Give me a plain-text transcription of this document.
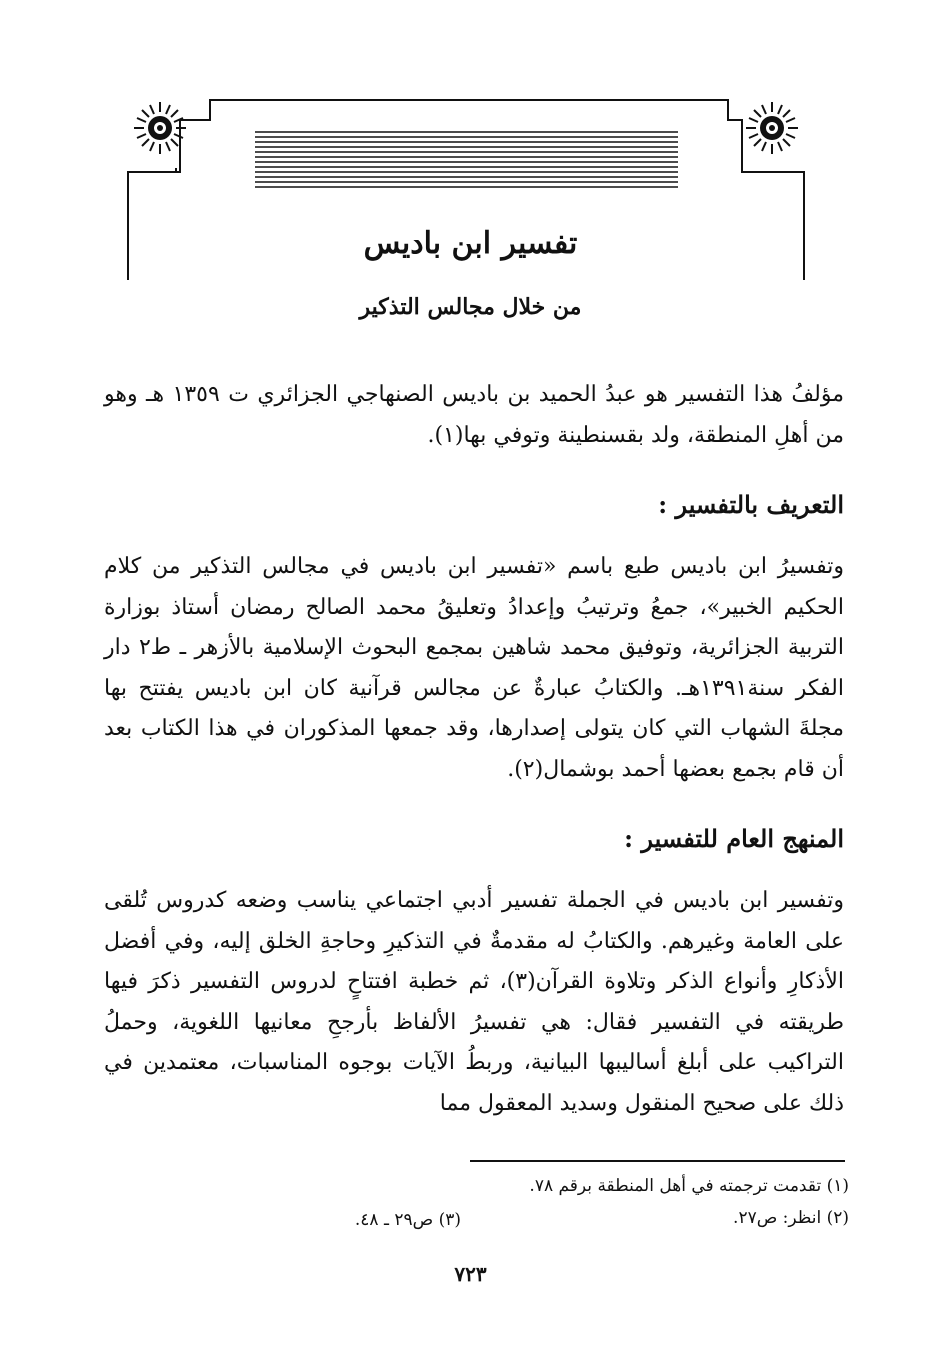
تفسير ابن باديس
من خلال مجالس التذكير
مؤلفُ هذا التفسير هو عبدُ الحميد بن باديس الصنهاجي الجزائري ت ١٣٥٩ هـ وهو من أهلِ المنطقة، ولد بقسنطينة وتوفي بها(١).
التعريف بالتفسير :
وتفسيرُ ابن باديس طبع باسم «تفسير ابن باديس في مجالس التذكير من كلام الحكيم الخبير»، جمعُ وترتيبُ وإعدادُ وتعليقُ محمد الصالح رمضان أستاذ بوزارة التربية الجزائرية، وتوفيق محمد شاهين بمجمع البحوث الإسلامية بالأزهر ـ ط٢ دار الفكر سنة١٣٩١هـ. والكتابُ عبارةٌ عن مجالس قرآنية كان ابن باديس يفتتح بها مجلةَ الشهاب التي كان يتولى إصدارها، وقد جمعها المذكوران في هذا الكتاب بعد أن قام بجمع بعضها أحمد بوشمال(٢).
المنهج العام للتفسير :
وتفسير ابن باديس في الجملة تفسير أدبي اجتماعي يناسب وضعه كدروس تُلقى على العامة وغيرهم. والكتابُ له مقدمةٌ في التذكيرِ وحاجةِ الخلق إليه، وفي أفضل الأذكارِ وأنواع الذكر وتلاوة القرآن(٣)، ثم خطبة افتتاحٍ لدروس التفسير ذكرَ فيها طريقته في التفسير فقال: هي تفسيرُ الألفاظ بأرجحِ معانيها اللغوية، وحملُ التراكيب على أبلغ أساليبها البيانية، وربطُ الآيات بوجوه المناسبات، معتمدين في ذلك على صحيح المنقول وسديد المعقول مما
(١) تقدمت ترجمته في أهل المنطقة برقم ٧٨.
(٢) انظر: ص٢٧.
(٣) ص٢٩ ـ ٤٨.
٧٢٣
